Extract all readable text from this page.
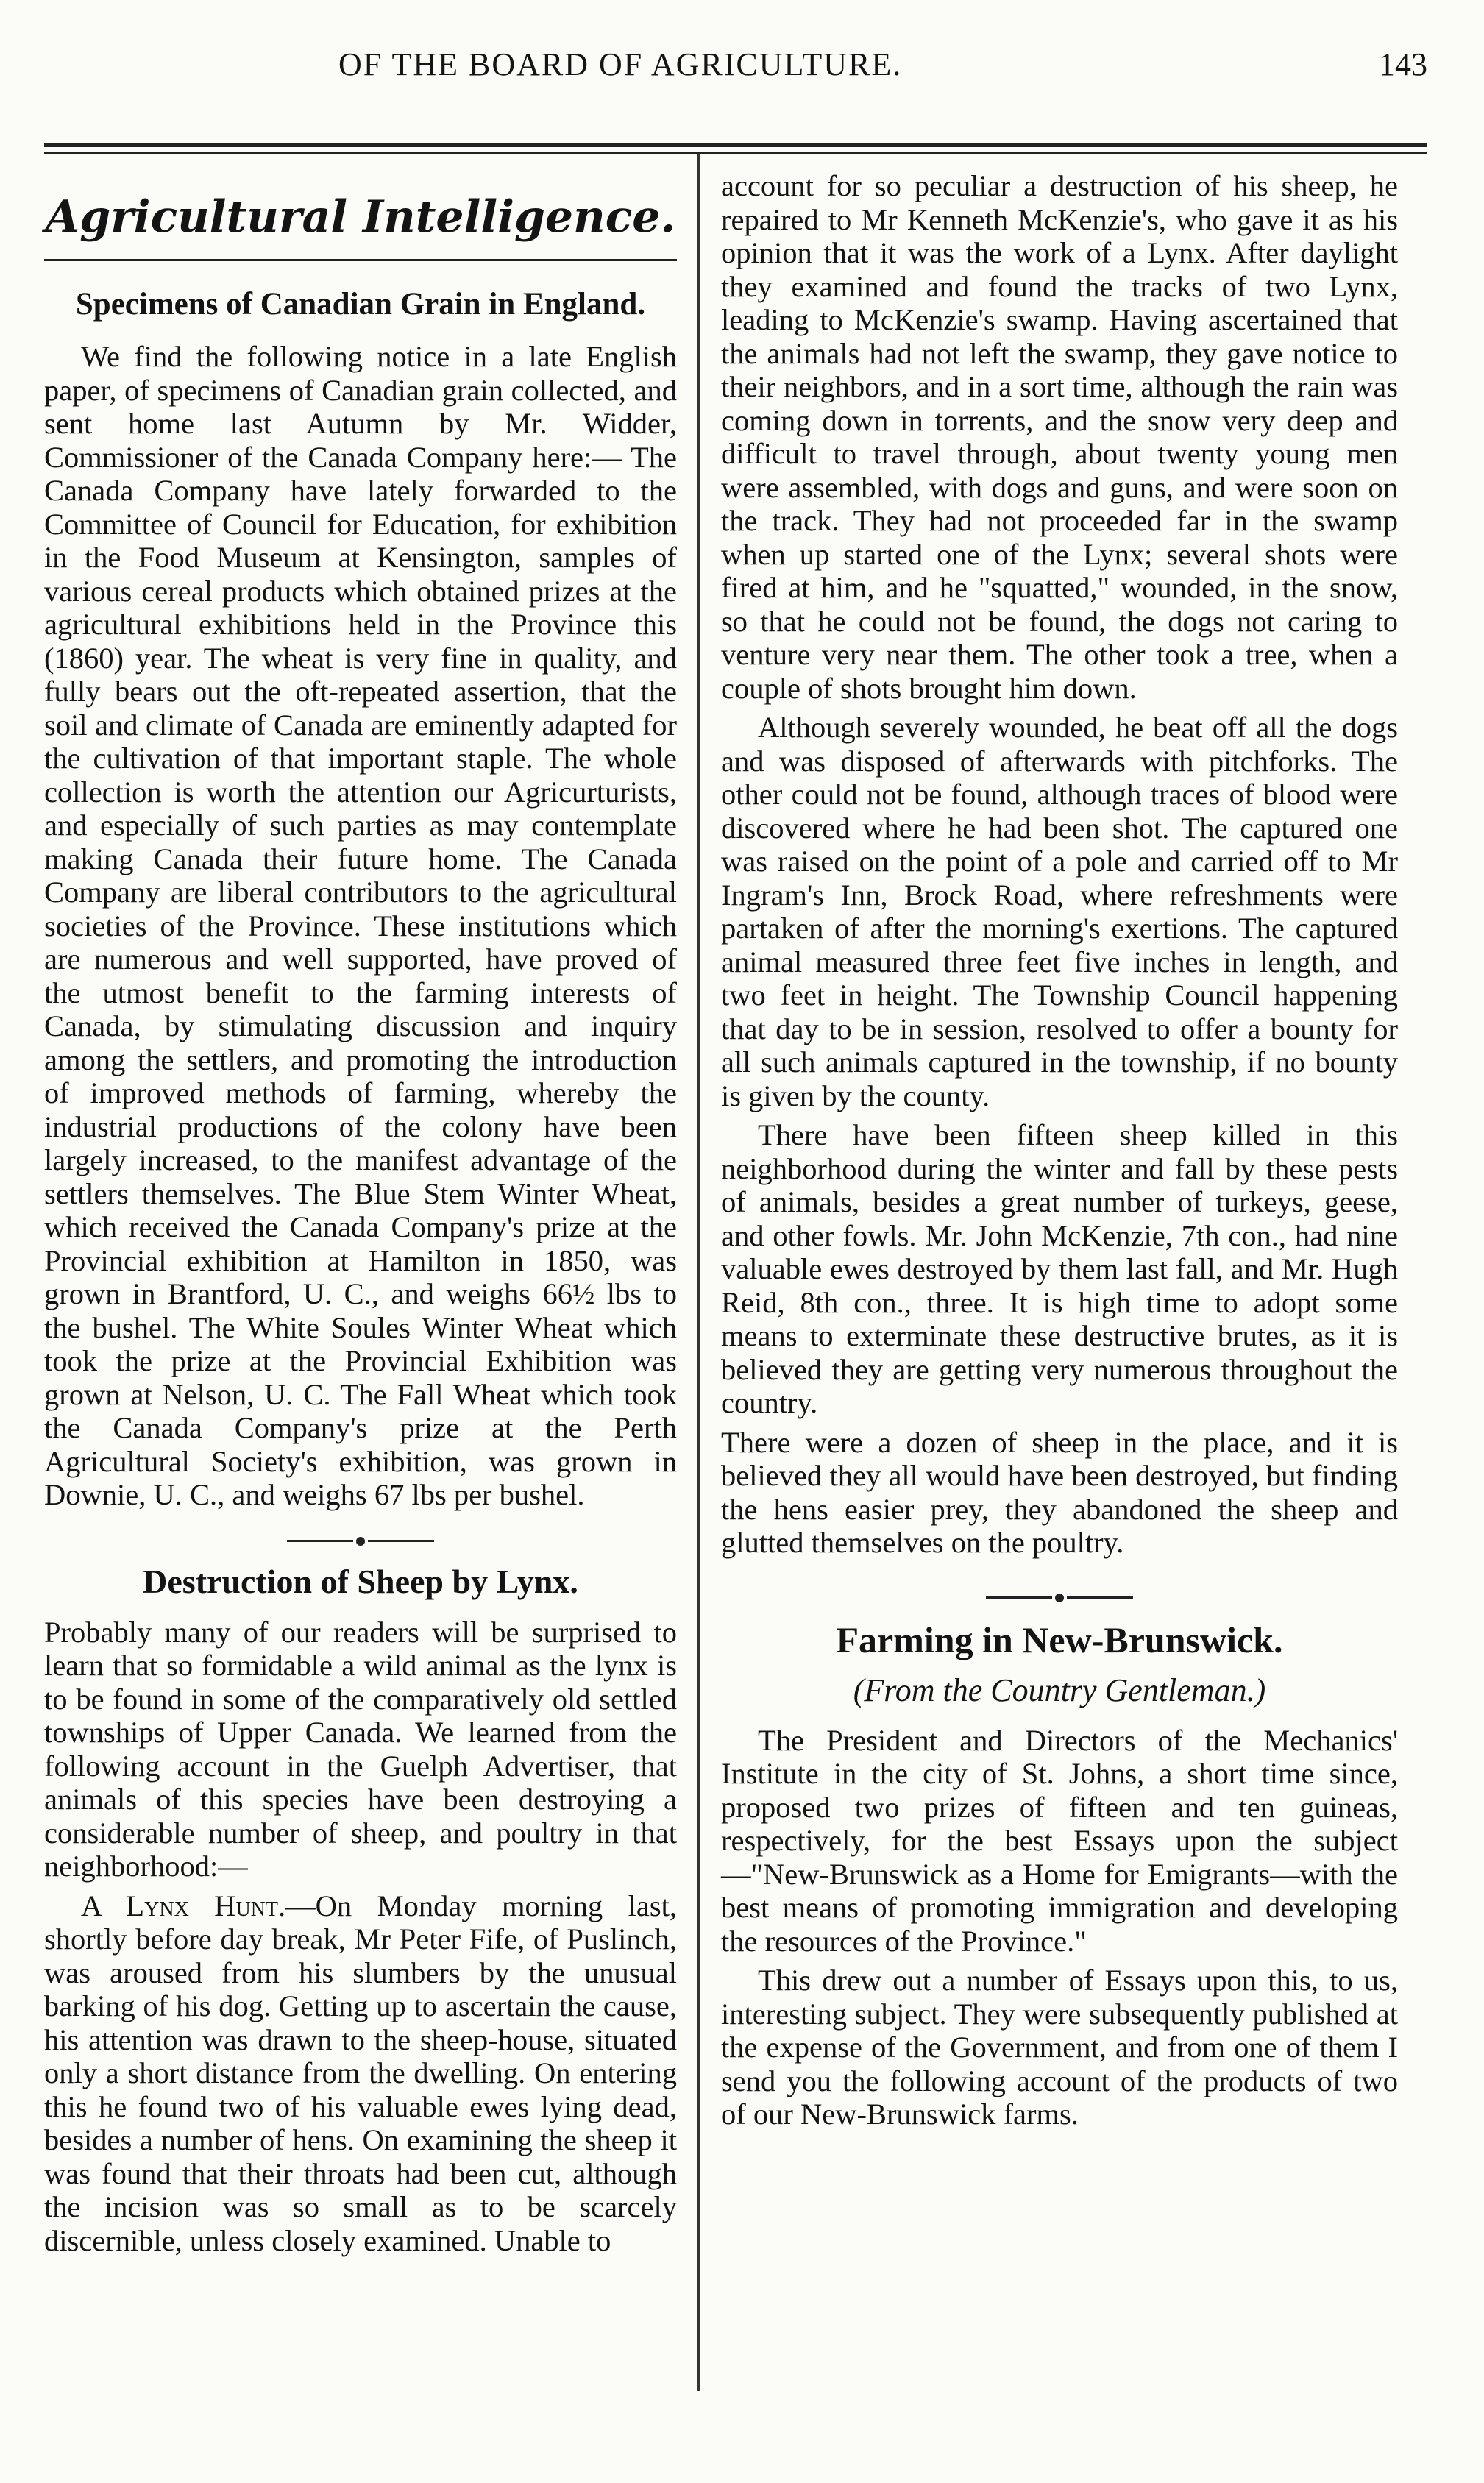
OF THE BOARD OF AGRICULTURE.	143
Agricultural Intelligence.
Specimens of Canadian Grain in England.

We find the following notice in a late English paper, of specimens of Canadian grain collected, and sent home last Autumn by Mr. Widder, Commissioner of the Canada Company here:— The Canada Company have lately forwarded to the Committee of Council for Education, for exhibition in the Food Museum at Kensington, samples of various cereal products which obtained prizes at the agricultural exhibitions held in the Province this (1860) year. The wheat is very fine in quality, and fully bears out the oft-repeated assertion, that the soil and climate of Canada are eminently adapted for the cultivation of that important staple. The whole collection is worth the attention our Agricurturists, and especially of such parties as may contemplate making Canada their future home. The Canada Company are liberal contributors to the agricultural societies of the Province. These institutions which are numerous and well supported, have proved of the utmost benefit to the farming interests of Canada, by stimulating discussion and inquiry among the settlers, and promoting the introduction of improved methods of farming, whereby the industrial productions of the colony have been largely increased, to the manifest advantage of the settlers themselves. The Blue Stem Winter Wheat, which received the Canada Company's prize at the Provincial exhibition at Hamilton in 1850, was grown in Brantford, U. C., and weighs 66½ lbs to the bushel. The White Soules Winter Wheat which took the prize at the Provincial Exhibition was grown at Nelson, U. C. The Fall Wheat which took the Canada Company's prize at the Perth Agricultural Society's exhibition, was grown in Downie, U. C., and weighs 67 lbs per bushel.

Destruction of Sheep by Lynx.

Probably many of our readers will be surprised to learn that so formidable a wild animal as the lynx is to be found in some of the comparatively old settled townships of Upper Canada. We learned from the following account in the Guelph Advertiser, that animals of this species have been destroying a considerable number of sheep, and poultry in that neighborhood:—

A Lynx Hunt.—On Monday morning last, shortly before day break, Mr Peter Fife, of Puslinch, was aroused from his slumbers by the unusual barking of his dog. Getting up to ascertain the cause, his attention was drawn to the sheep-house, situated only a short distance from the dwelling. On entering this he found two of his valuable ewes lying dead, besides a number of hens. On examining the sheep it was found that their throats had been cut, although the incision was so small as to be scarcely discernible, unless closely examined. Unable to

account for so peculiar a destruction of his sheep, he repaired to Mr Kenneth McKenzie's, who gave it as his opinion that it was the work of a Lynx. After daylight they examined and found the tracks of two Lynx, leading to McKenzie's swamp. Having ascertained that the animals had not left the swamp, they gave notice to their neighbors, and in a sort time, although the rain was coming down in torrents, and the snow very deep and difficult to travel through, about twenty young men were assembled, with dogs and guns, and were soon on the track. They had not proceeded far in the swamp when up started one of the Lynx; several shots were fired at him, and he "squatted," wounded, in the snow, so that he could not be found, the dogs not caring to venture very near them. The other took a tree, when a couple of shots brought him down.

Although severely wounded, he beat off all the dogs and was disposed of afterwards with pitchforks. The other could not be found, although traces of blood were discovered where he had been shot. The captured one was raised on the point of a pole and carried off to Mr Ingram's Inn, Brock Road, where refreshments were partaken of after the morning's exertions. The captured animal measured three feet five inches in length, and two feet in height. The Township Council happening that day to be in session, resolved to offer a bounty for all such animals captured in the township, if no bounty is given by the county.

There have been fifteen sheep killed in this neighborhood during the winter and fall by these pests of animals, besides a great number of turkeys, geese, and other fowls. Mr. John McKenzie, 7th con., had nine valuable ewes destroyed by them last fall, and Mr. Hugh Reid, 8th con., three. It is high time to adopt some means to exterminate these destructive brutes, as it is believed they are getting very numerous throughout the country.

There were a dozen of sheep in the place, and it is believed they all would have been destroyed, but finding the hens easier prey, they abandoned the sheep and glutted themselves on the poultry.

Farming in New-Brunswick.
(From the Country Gentleman.)

The President and Directors of the Mechanics' Institute in the city of St. Johns, a short time since, proposed two prizes of fifteen and ten guineas, respectively, for the best Essays upon the subject—"New-Brunswick as a Home for Emigrants—with the best means of promoting immigration and developing the resources of the Province."

This drew out a number of Essays upon this, to us, interesting subject. They were subsequently published at the expense of the Government, and from one of them I send you the following account of the products of two of our New-Brunswick farms.
